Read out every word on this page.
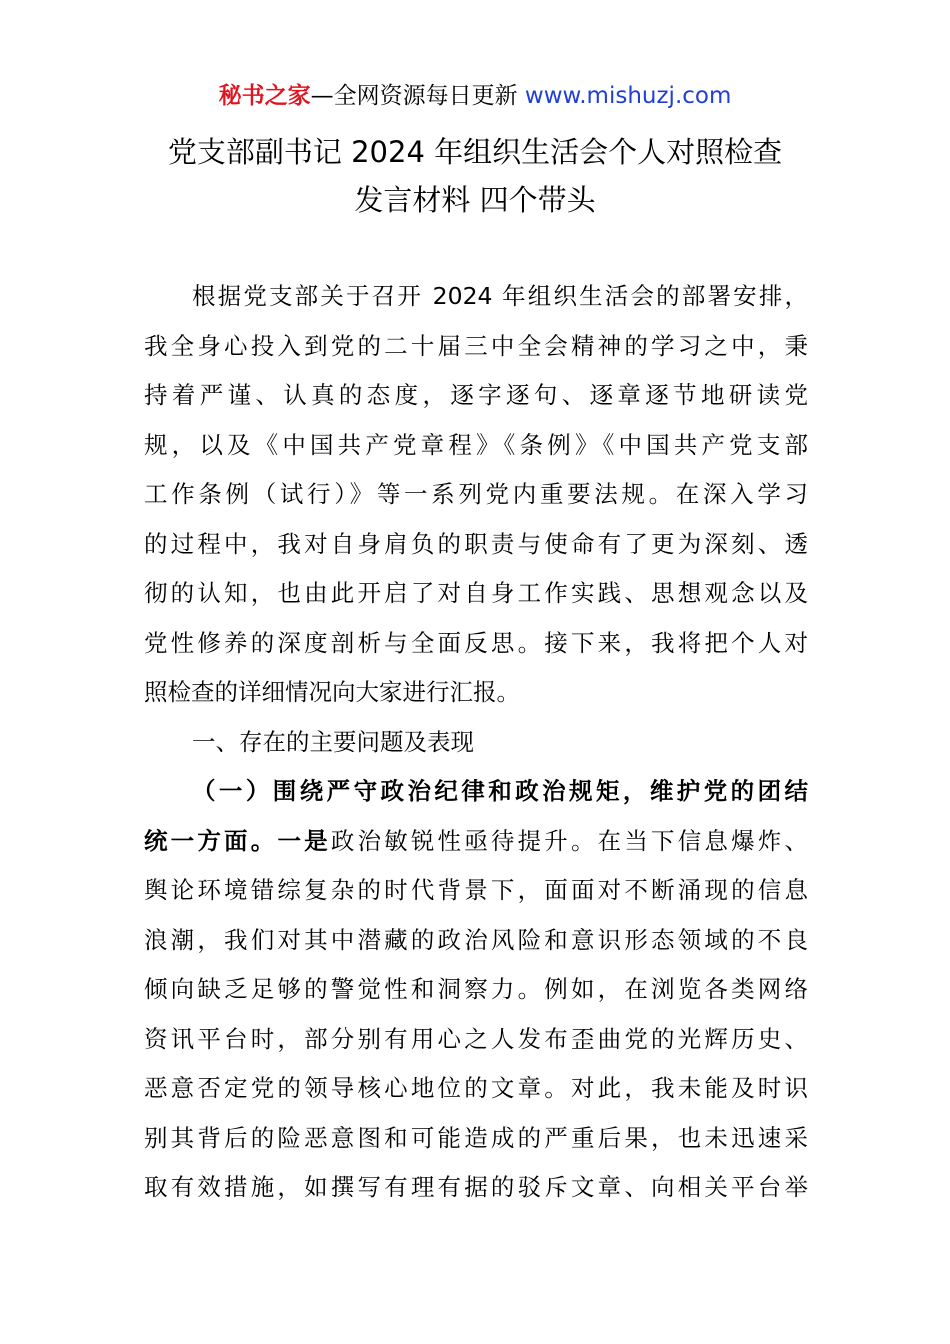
秘书之家—全网资源每日更新 www.mishuzj.com
党支部副书记 2024 年组织生活会个人对照检查
发言材料 四个带头

根据党支部关于召开 2024 年组织生活会的部署安排，
我全身心投入到党的二十届三中全会精神的学习之中，秉
持着严谨、认真的态度，逐字逐句、逐章逐节地研读党
规，以及《中国共产党章程》《条例》《中国共产党支部
工作条例（试行）》等一系列党内重要法规。在深入学习
的过程中，我对自身肩负的职责与使命有了更为深刻、透
彻的认知，也由此开启了对自身工作实践、思想观念以及
党性修养的深度剖析与全面反思。接下来，我将把个人对
照检查的详细情况向大家进行汇报。

一、存在的主要问题及表现

（一）围绕严守政治纪律和政治规矩，维护党的团结
统一方面。一是政治敏锐性亟待提升。在当下信息爆炸、
舆论环境错综复杂的时代背景下，面面对不断涌现的信息
浪潮，我们对其中潜藏的政治风险和意识形态领域的不良
倾向缺乏足够的警觉性和洞察力。例如，在浏览各类网络
资讯平台时，部分别有用心之人发布歪曲党的光辉历史、
恶意否定党的领导核心地位的文章。对此，我未能及时识
别其背后的险恶意图和可能造成的严重后果，也未迅速采
取有效措施，如撰写有理有据的驳斥文章、向相关平台举
